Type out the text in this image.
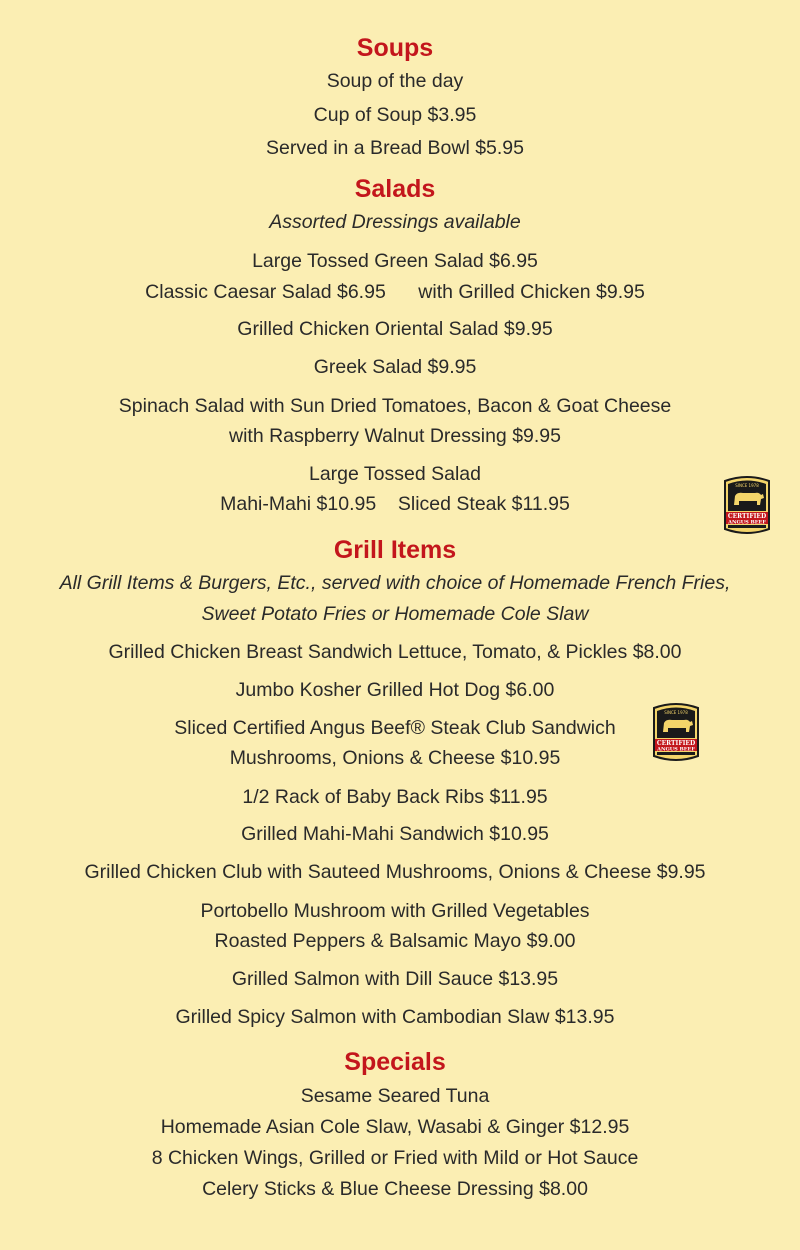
Soups
Soup of the day
Cup of Soup $3.95
Served in a Bread Bowl $5.95
Salads
Assorted Dressings available
Large Tossed Green Salad $6.95
Classic Caesar Salad $6.95      with Grilled Chicken $9.95
Grilled Chicken Oriental Salad $9.95
Greek Salad $9.95
Spinach Salad with Sun Dried Tomatoes, Bacon & Goat Cheese
with Raspberry Walnut Dressing $9.95
Large Tossed Salad
Mahi-Mahi $10.95    Sliced Steak $11.95
SINCE 1978
CERTIFIED
ANGUS BEEF
Grill Items
All Grill Items & Burgers, Etc., served with choice of Homemade French Fries,
Sweet Potato Fries or Homemade Cole Slaw
Grilled Chicken Breast Sandwich Lettuce, Tomato, & Pickles $8.00
Jumbo Kosher Grilled Hot Dog $6.00
Sliced Certified Angus Beef® Steak Club Sandwich
Mushrooms, Onions & Cheese $10.95
1/2 Rack of Baby Back Ribs $11.95
Grilled Mahi-Mahi Sandwich $10.95
Grilled Chicken Club with Sauteed Mushrooms, Onions & Cheese $9.95
Portobello Mushroom with Grilled Vegetables
Roasted Peppers & Balsamic Mayo $9.00
Grilled Salmon with Dill Sauce $13.95
Grilled Spicy Salmon with Cambodian Slaw $13.95
SINCE 1978
CERTIFIED
ANGUS BEEF
Specials
Sesame Seared Tuna
Homemade Asian Cole Slaw, Wasabi & Ginger $12.95
8 Chicken Wings, Grilled or Fried with Mild or Hot Sauce
Celery Sticks & Blue Cheese Dressing $8.00
